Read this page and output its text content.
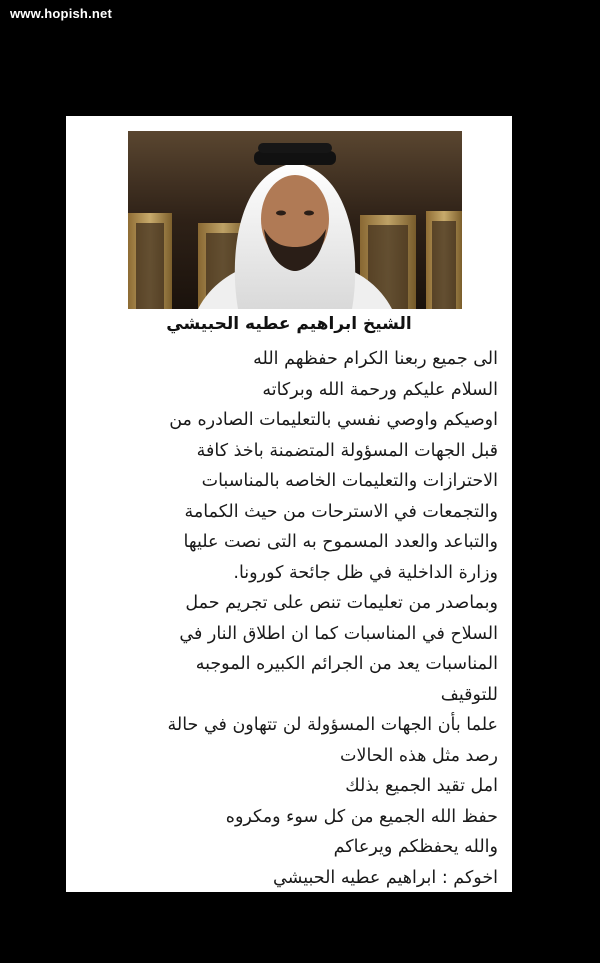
www.hopish.net
الشيخ ابراهيم عطيه الحبيشي
الى جميع ربعنا الكرام حفظهم الله
السلام عليكم ورحمة الله وبركاته
اوصيكم واوصي نفسي بالتعليمات الصادره من
قبل الجهات المسؤولة المتضمنة باخذ كافة
الاحترازات والتعليمات الخاصه بالمناسبات
والتجمعات في الاسترحات من حيث الكمامة
والتباعد والعدد المسموح به التى نصت عليها
وزارة الداخلية في ظل جائحة كورونا.
وبماصدر من تعليمات تنص على تجريم حمل
السلاح في المناسبات كما ان اطلاق النار في
المناسبات يعد من الجرائم الكبيره الموجبه
للتوقيف
علما بأن الجهات المسؤولة لن تتهاون في حالة
رصد مثل هذه الحالات
امل تقيد الجميع بذلك
حفظ الله الجميع من كل سوء ومكروه
والله يحفظكم ويرعاكم
اخوكم : ابراهيم عطيه الحبيشي
